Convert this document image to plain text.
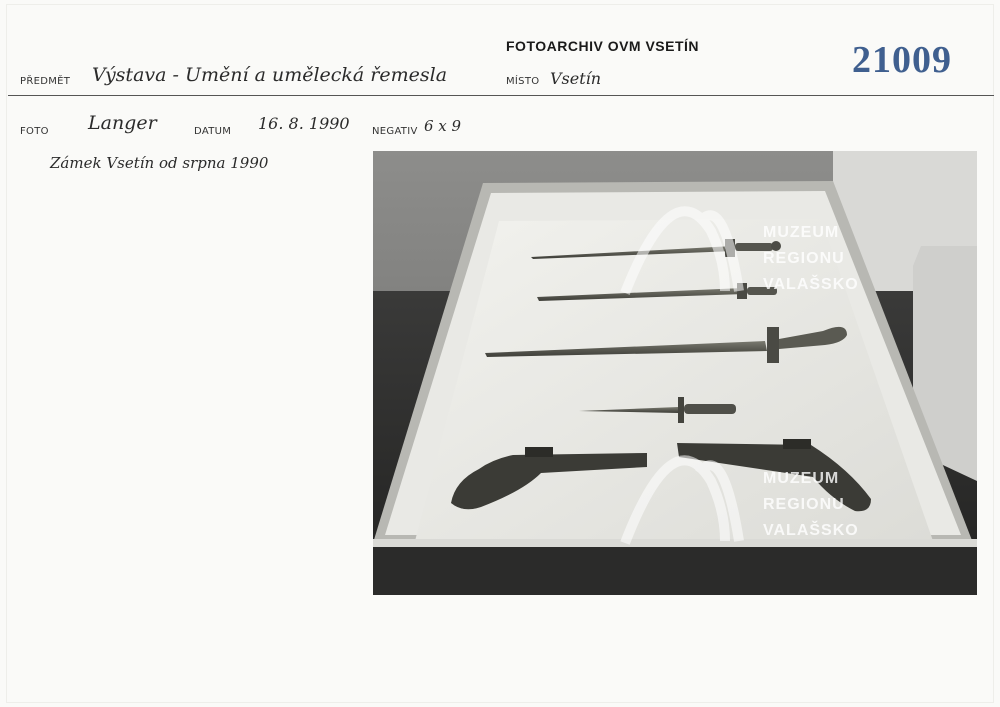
FOTOARCHIV OVM VSETÍN	21009
PŘEDMĚT Výstava - Umění a umělecká řemesla	MÍSTO Vsetín
FOTO Langer	DATUM 16. 8. 1990 NEGATIV 6 x 9
Zámek Vsetín od srpna 1990
MUZEUM
REGIONU
VALAŠSKO
MUZEUM
REGIONU
VALAŠSKO
